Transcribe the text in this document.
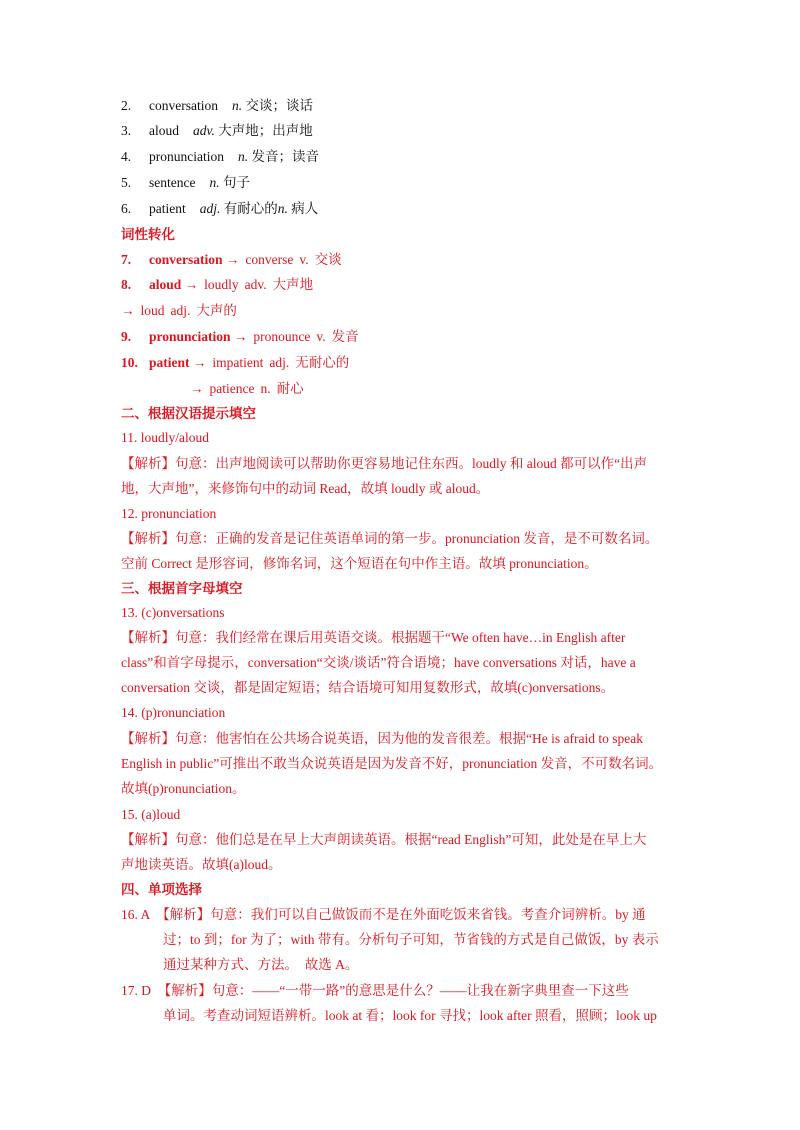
2. conversation n. 交谈；谈话
3. aloud adv. 大声地；出声地
4. pronunciation n. 发音；读音
5. sentence n. 句子
6. patient adj. 有耐心的n. 病人
词性转化
7. conversation → converse v. 交谈
8. aloud → loudly adv. 大声地
→ loud adj. 大声的
9. pronunciation → pronounce v. 发音
10. patient → impatient adj. 无耐心的
→ patience n. 耐心
二、根据汉语提示填空
11. loudly/aloud
【解析】句意：出声地阅读可以帮助你更容易地记住东西。loudly 和 aloud 都可以作“出声
地，大声地”，来修饰句中的动词 Read，故填 loudly 或 aloud。
12. pronunciation
【解析】句意：正确的发音是记住英语单词的第一步。pronunciation 发音，是不可数名词。
空前 Correct 是形容词，修饰名词，这个短语在句中作主语。故填 pronunciation。
三、根据首字母填空
13. (c)onversations
【解析】句意：我们经常在课后用英语交谈。根据题干“We often have…in English after
class”和首字母提示，conversation“交谈/谈话”符合语境；have conversations 对话，have a
conversation 交谈，都是固定短语；结合语境可知用复数形式，故填(c)onversations。
14. (p)ronunciation
【解析】句意：他害怕在公共场合说英语，因为他的发音很差。根据“He is afraid to speak
English in public”可推出不敢当众说英语是因为发音不好，pronunciation 发音，不可数名词。
故填(p)ronunciation。
15. (a)loud
【解析】句意：他们总是在早上大声朗读英语。根据“read English”可知，此处是在早上大
声地读英语。故填(a)loud。
四、单项选择
16. A　【解析】句意：我们可以自己做饭而不是在外面吃饭来省钱。考查介词辨析。by 通
过；to 到；for 为了；with 带有。分析句子可知，节省钱的方式是自己做饭，by 表示
通过某种方式、方法。　故选 A。
17. D　【解析】句意：——“一带一路”的意思是什么？——让我在新字典里查一下这些
单词。考查动词短语辨析。look at 看；look for 寻找；look after 照看，照顾；look up
